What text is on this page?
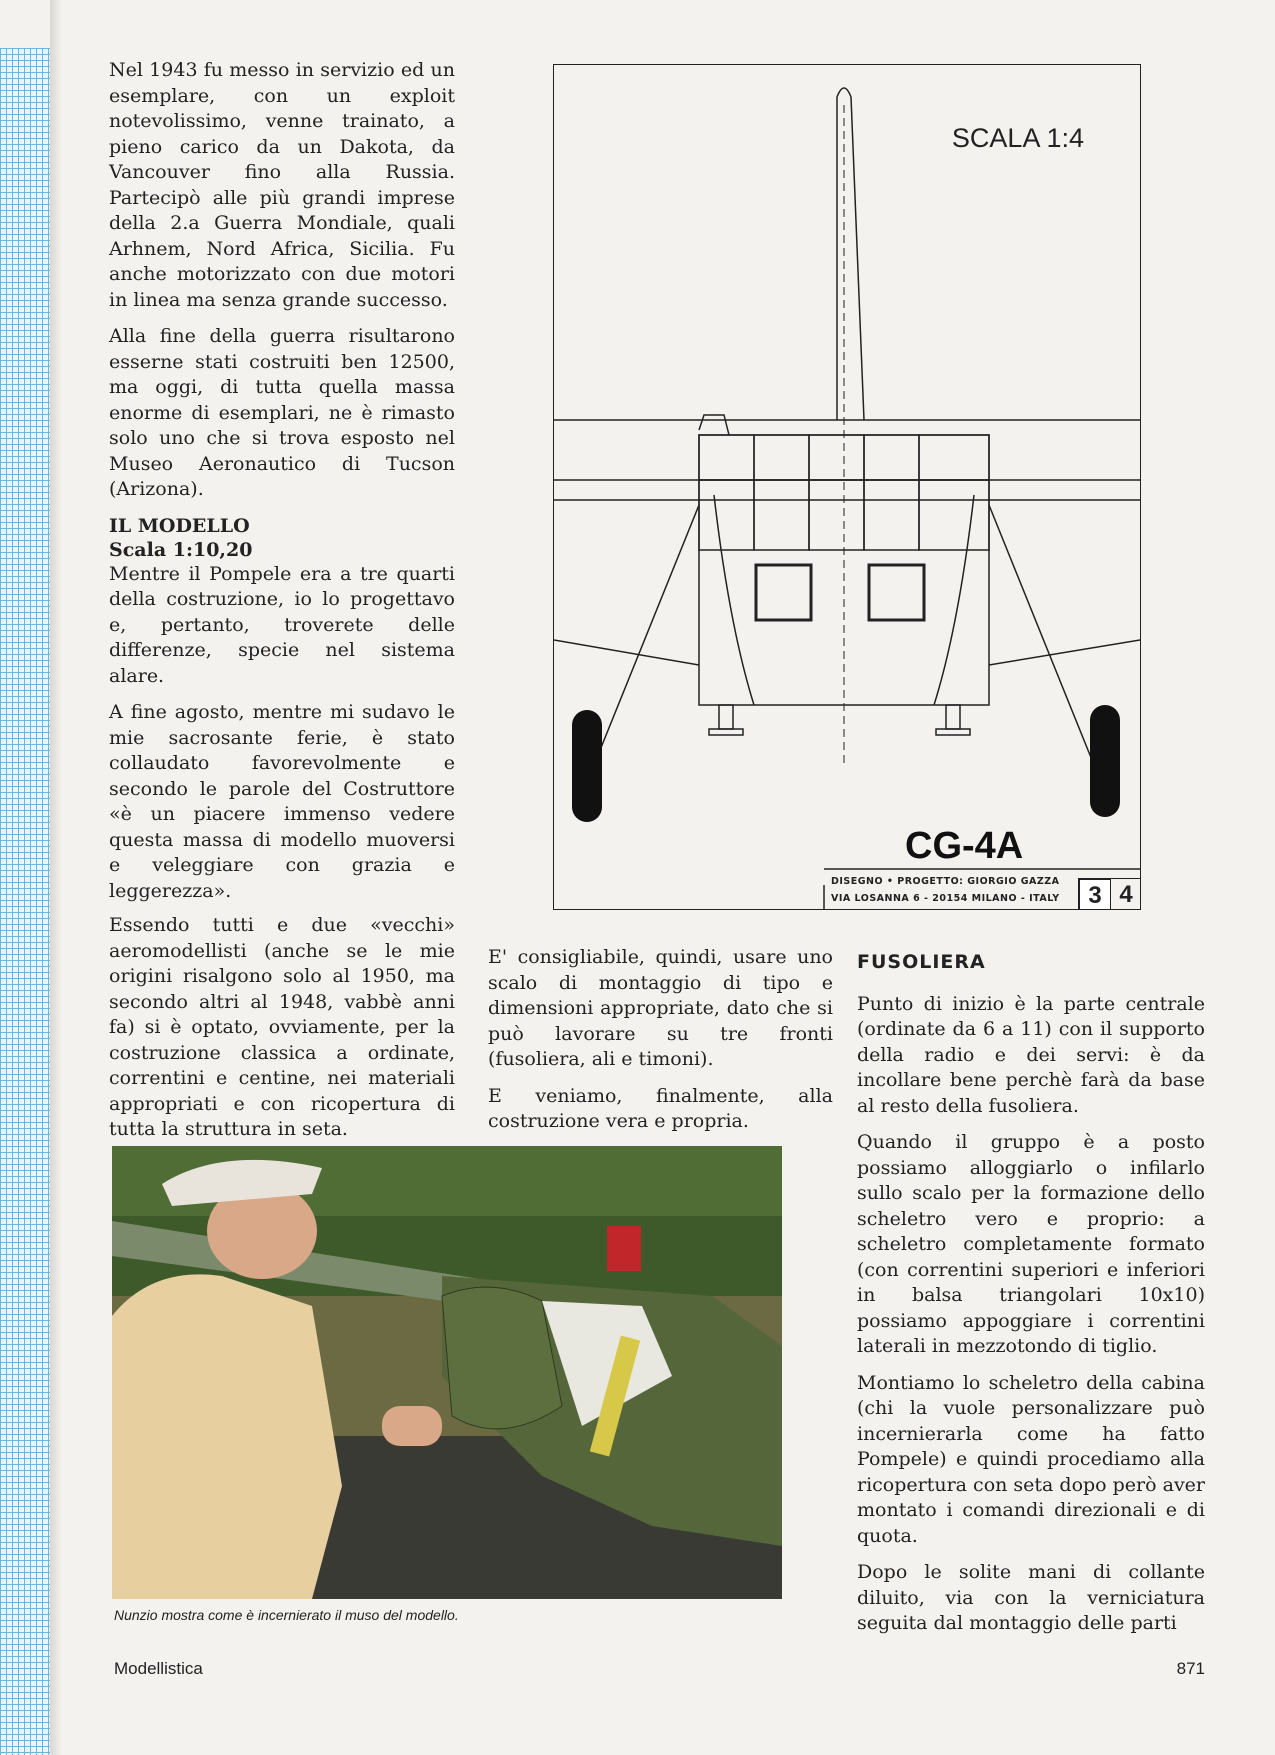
Nel 1943 fu messo in servizio ed un esemplare, con un exploit notevolissimo, venne trainato, a pieno carico da un Dakota, da Vancouver fino alla Russia. Partecipò alle più grandi imprese della 2.a Guerra Mondiale, quali Arhnem, Nord Africa, Sicilia. Fu anche motorizzato con due motori in linea ma senza grande successo.

Alla fine della guerra risultarono esserne stati costruiti ben 12500, ma oggi, di tutta quella massa enorme di esemplari, ne è rimasto solo uno che si trova esposto nel Museo Aeronautico di Tucson (Arizona).

IL MODELLO
Scala 1:10,20

Mentre il Pompele era a tre quarti della costruzione, io lo progettavo e, pertanto, troverete delle differenze, specie nel sistema alare.

A fine agosto, mentre mi sudavo le mie sacrosante ferie, è stato collaudato favorevolmente e secondo le parole del Costruttore «è un piacere immenso vedere questa massa di modello muoversi e veleggiare con grazia e leggerezza».

SCALA 1:4
CG-4A
DISEGNO • PROGETTO: GIORGIO GAZZA
VIA LOSANNA 6 - 20154 MILANO - ITALY	3 4

Essendo tutti e due «vecchi» aeromodellisti (anche se le mie origini risalgono solo al 1950, ma secondo altri al 1948, vabbè anni fa) si è optato, ovviamente, per la costruzione classica a ordinate, correntini e centine, nei materiali appropriati e con ricopertura di tutta la struttura in seta.

E' consigliabile, quindi, usare uno scalo di montaggio di tipo e dimensioni appropriate, dato che si può lavorare su tre fronti (fusoliera, ali e timoni).

E veniamo, finalmente, alla costruzione vera e propria.

FUSOLIERA

Punto di inizio è la parte centrale (ordinate da 6 a 11) con il supporto della radio e dei servi: è da incollare bene perchè farà da base al resto della fusoliera.

Quando il gruppo è a posto possiamo alloggiarlo o infilarlo sullo scalo per la formazione dello scheletro vero e proprio: a scheletro completamente formato (con correntini superiori e inferiori in balsa triangolari 10x10) possiamo appoggiare i correntini laterali in mezzotondo di tiglio.

Montiamo lo scheletro della cabina (chi la vuole personalizzare può incernierarla come ha fatto Pompele) e quindi procediamo alla ricopertura con seta dopo però aver montato i comandi direzionali e di quota.

Dopo le solite mani di collante diluito, via con la verniciatura seguita dal montaggio delle parti

Nunzio mostra come è incernierato il muso del modello.
Modellistica	871
